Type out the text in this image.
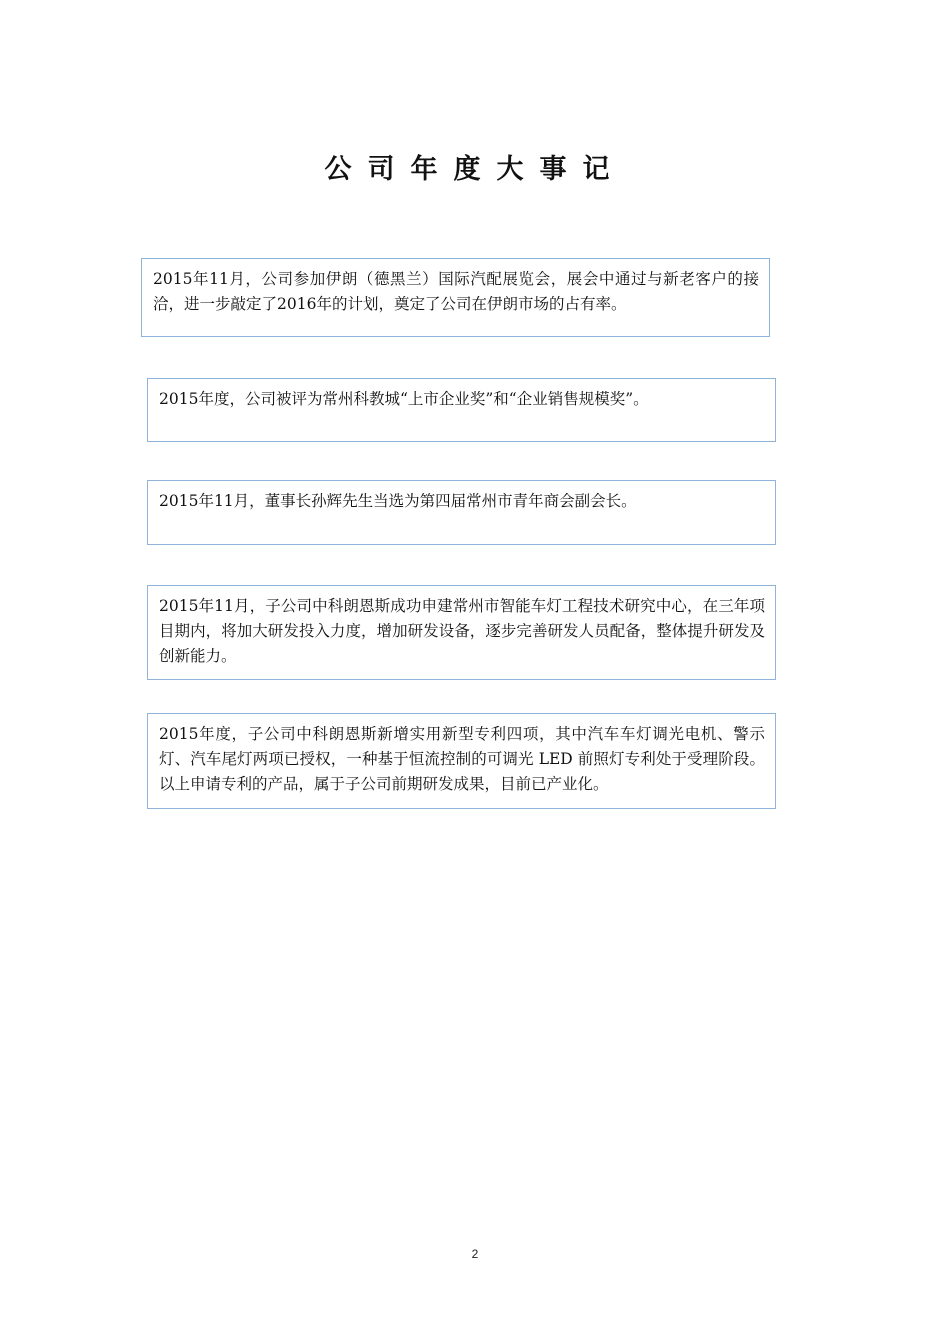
公司年度大事记

2015年11月，公司参加伊朗（德黑兰）国际汽配展览会，展会中通过与新老客户的接洽，进一步敲定了2016年的计划，奠定了公司在伊朗市场的占有率。

2015年度，公司被评为常州科教城“上市企业奖”和“企业销售规模奖”。

2015年11月，董事长孙辉先生当选为第四届常州市青年商会副会长。

2015年11月，子公司中科朗恩斯成功申建常州市智能车灯工程技术研究中心，在三年项目期内，将加大研发投入力度，增加研发设备，逐步完善研发人员配备，整体提升研发及创新能力。

2015年度，子公司中科朗恩斯新增实用新型专利四项，其中汽车车灯调光电机、警示灯、汽车尾灯两项已授权，一种基于恒流控制的可调光 LED 前照灯专利处于受理阶段。以上申请专利的产品，属于子公司前期研发成果，目前已产业化。

2
